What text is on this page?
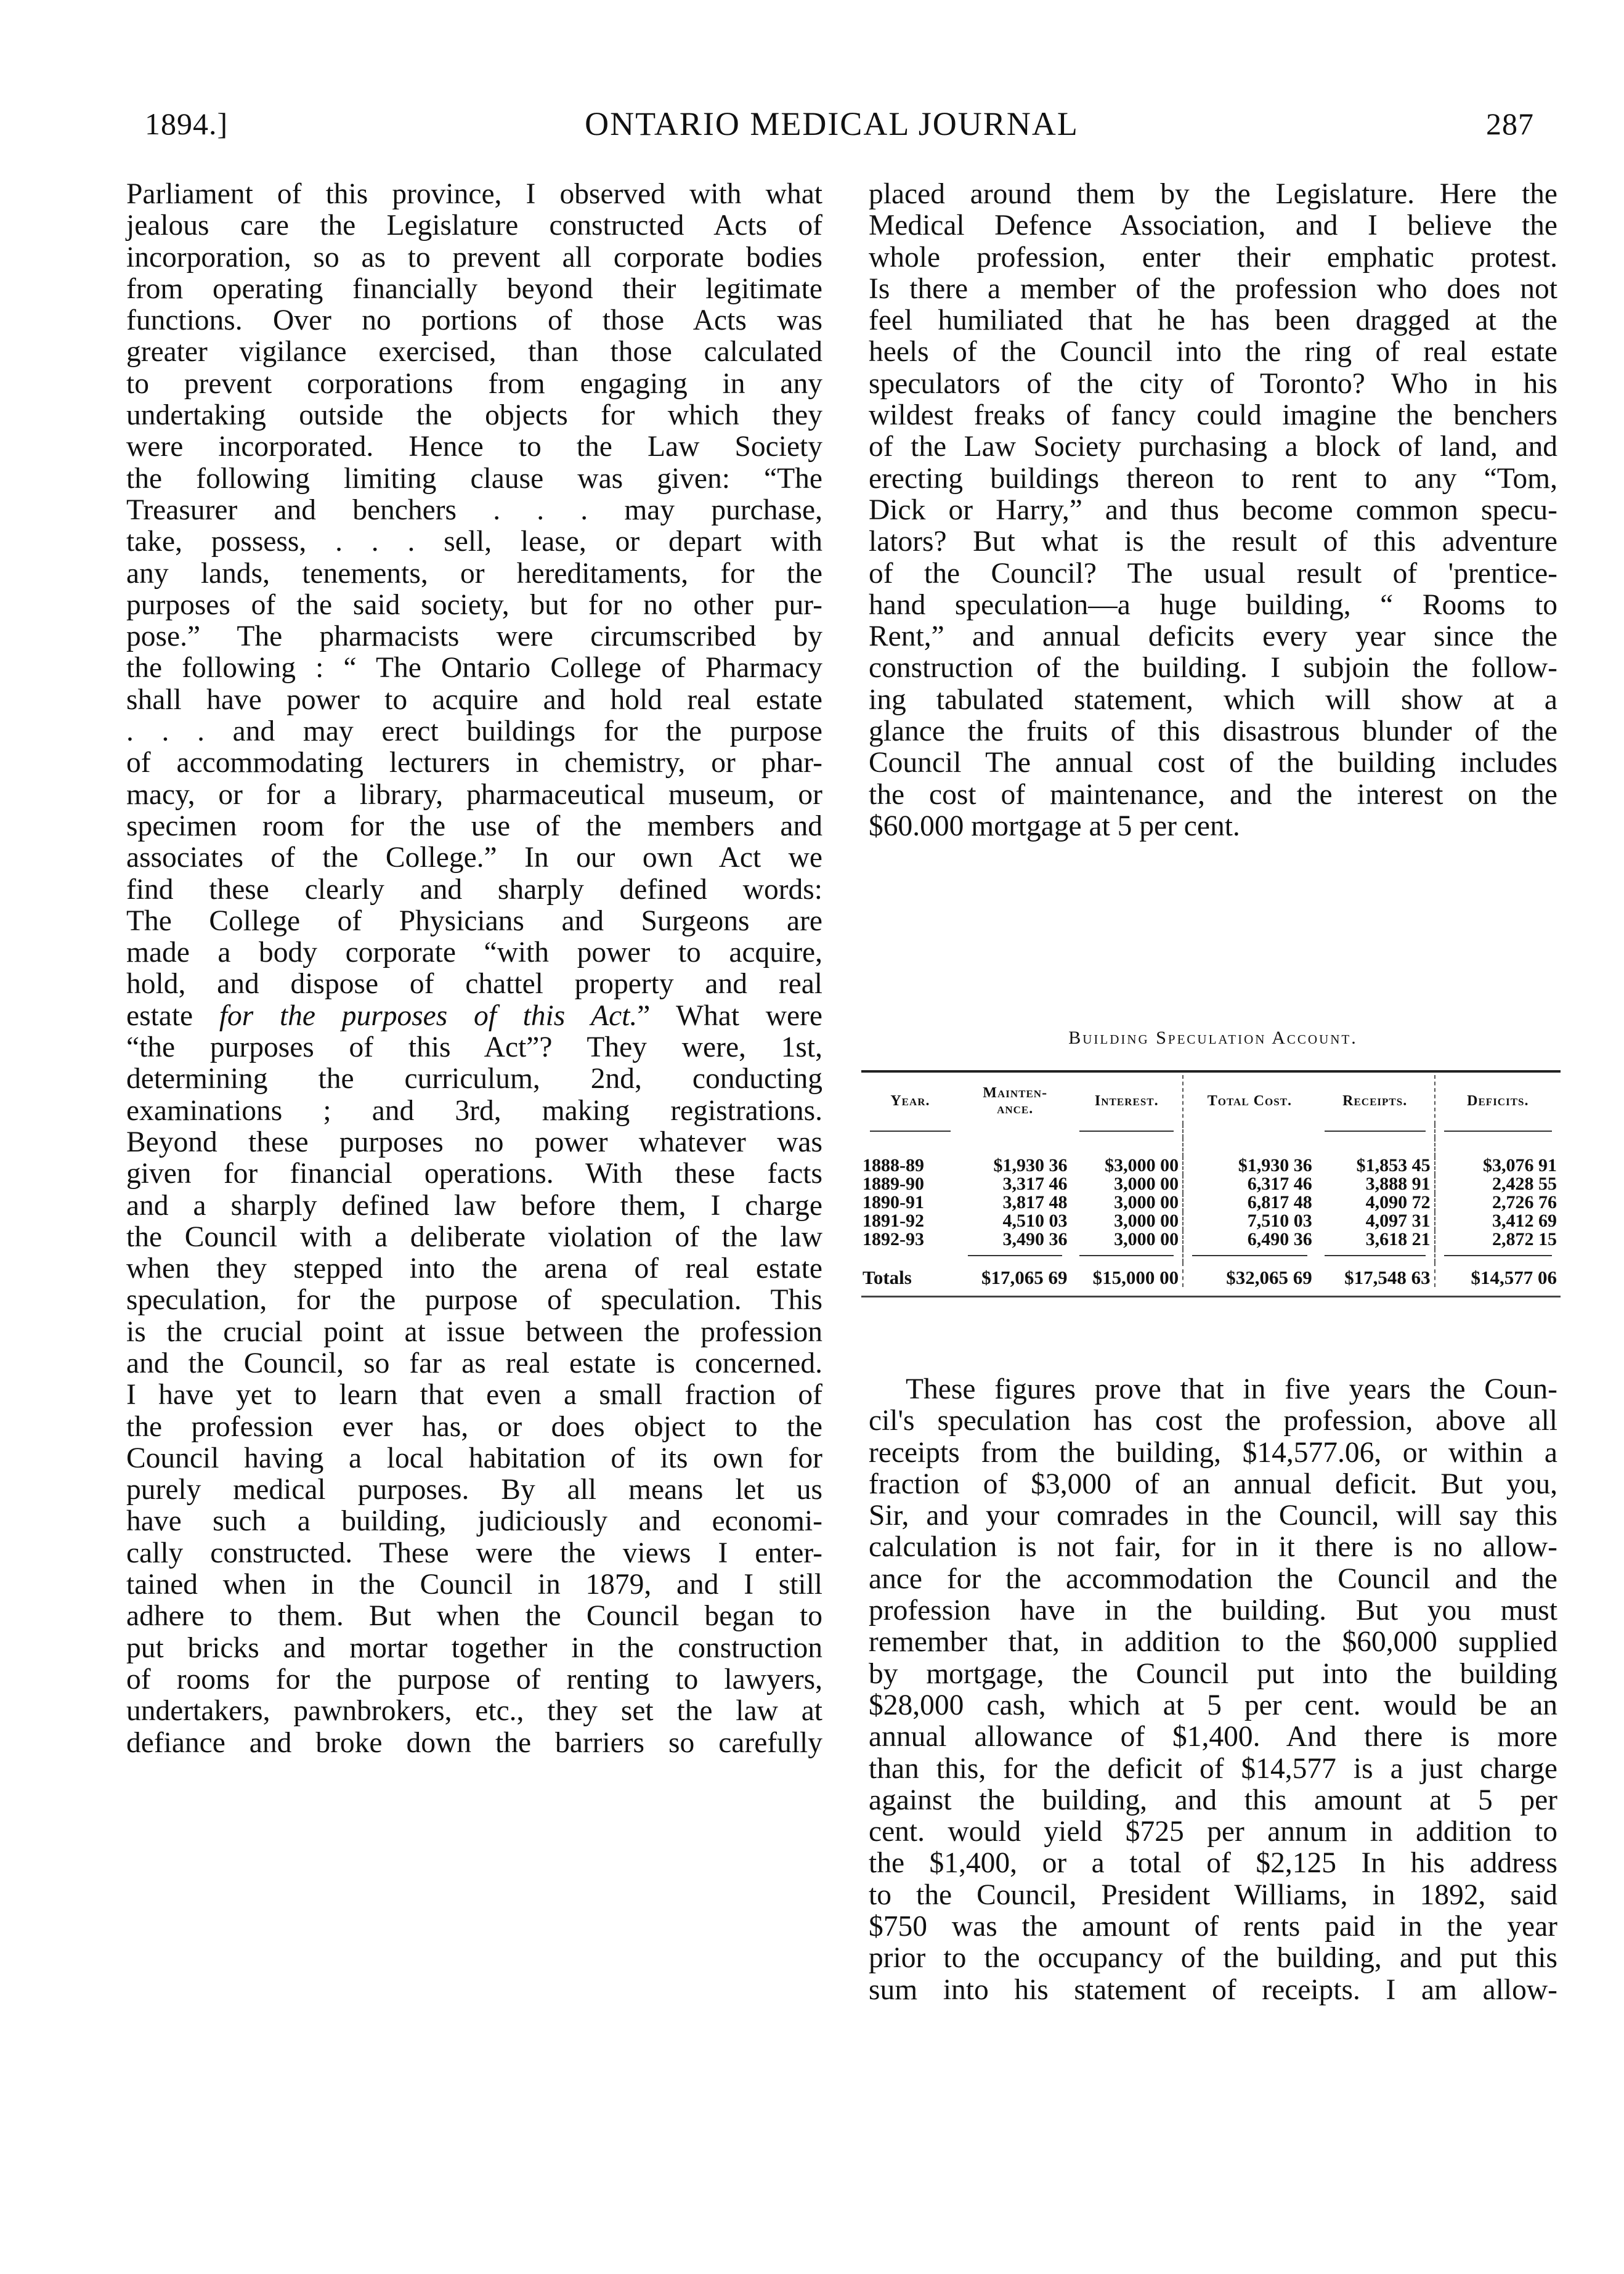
1894.]	ONTARIO MEDICAL JOURNAL	287
Parliament of this province, I observed with what
jealous care the Legislature constructed Acts of
incorporation, so as to prevent all corporate bodies
from operating financially beyond their legitimate
functions. Over no portions of those Acts was
greater vigilance exercised, than those calculated
to prevent corporations from engaging in any
undertaking outside the objects for which they
were incorporated. Hence to the Law Society
the following limiting clause was given: “The
Treasurer and benchers . . . may purchase,
take, possess, . . . sell, lease, or depart with
any lands, tenements, or hereditaments, for the
purposes of the said society, but for no other pur-
pose.” The pharmacists were circumscribed by
the following : “ The Ontario College of Pharmacy
shall have power to acquire and hold real estate
. . . and may erect buildings for the purpose
of accommodating lecturers in chemistry, or phar-
macy, or for a library, pharmaceutical museum, or
specimen room for the use of the members and
associates of the College.” In our own Act we
find these clearly and sharply defined words:
The College of Physicians and Surgeons are
made a body corporate “with power to acquire,
hold, and dispose of chattel property and real
estate for the purposes of this Act.” What were
“the purposes of this Act”? They were, 1st,
determining the curriculum, 2nd, conducting
examinations ; and 3rd, making registrations.
Beyond these purposes no power whatever was
given for financial operations. With these facts
and a sharply defined law before them, I charge
the Council with a deliberate violation of the law
when they stepped into the arena of real estate
speculation, for the purpose of speculation. This
is the crucial point at issue between the profession
and the Council, so far as real estate is concerned.
I have yet to learn that even a small fraction of
the profession ever has, or does object to the
Council having a local habitation of its own for
purely medical purposes. By all means let us
have such a building, judiciously and economi-
cally constructed. These were the views I enter-
tained when in the Council in 1879, and I still
adhere to them. But when the Council began to
put bricks and mortar together in the construction
of rooms for the purpose of renting to lawyers,
undertakers, pawnbrokers, etc., they set the law at
defiance and broke down the barriers so carefully
placed around them by the Legislature. Here the
Medical Defence Association, and I believe the
whole profession, enter their emphatic protest.
Is there a member of the profession who does not
feel humiliated that he has been dragged at the
heels of the Council into the ring of real estate
speculators of the city of Toronto? Who in his
wildest freaks of fancy could imagine the benchers
of the Law Society purchasing a block of land, and
erecting buildings thereon to rent to any “Tom,
Dick or Harry,” and thus become common specu-
lators? But what is the result of this adventure
of the Council? The usual result of 'prentice-
hand speculation—a huge building, “ Rooms to
Rent,” and annual deficits every year since the
construction of the building. I subjoin the follow-
ing tabulated statement, which will show at a
glance the fruits of this disastrous blunder of the
Council The annual cost of the building includes
the cost of maintenance, and the interest on the
$60.000 mortgage at 5 per cent.
Building Speculation Account.
Year.	Mainten-
ance.	Interest.	Total Cost.	Receipts.	Deficits.

1888-89	$1,930 36	$3,000 00	$1,930 36	$1,853 45	$3,076 91
1889-90	3,317 46	3,000 00	6,317 46	3,888 91	2,428 55
1890-91	3,817 48	3,000 00	6,817 48	4,090 72	2,726 76
1891-92	4,510 03	3,000 00	7,510 03	4,097 31	3,412 69
1892-93	3,490 36	3,000 00	6,490 36	3,618 21	2,872 15

Totals	$17,065 69	$15,000 00	$32,065 69	$17,548 63	$14,577 06
These figures prove that in five years the Coun-
cil's speculation has cost the profession, above all
receipts from the building, $14,577.06, or within a
fraction of $3,000 of an annual deficit. But you,
Sir, and your comrades in the Council, will say this
calculation is not fair, for in it there is no allow-
ance for the accommodation the Council and the
profession have in the building. But you must
remember that, in addition to the $60,000 supplied
by mortgage, the Council put into the building
$28,000 cash, which at 5 per cent. would be an
annual allowance of $1,400. And there is more
than this, for the deficit of $14,577 is a just charge
against the building, and this amount at 5 per
cent. would yield $725 per annum in addition to
the $1,400, or a total of $2,125 In his address
to the Council, President Williams, in 1892, said
$750 was the amount of rents paid in the year
prior to the occupancy of the building, and put this
sum into his statement of receipts. I am allow-
